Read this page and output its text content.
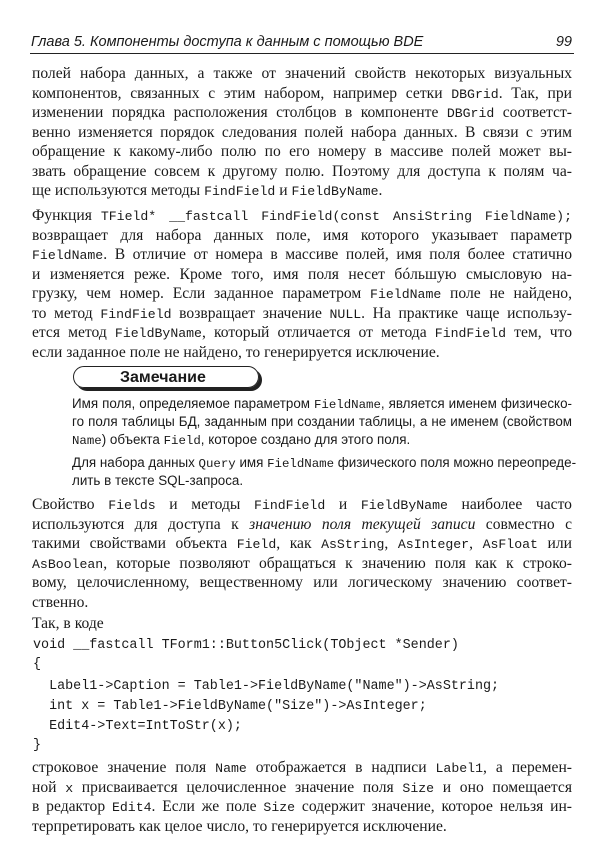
Глава 5. Компоненты доступа к данным с помощью BDE	99
полей набора данных, а также от значений свойств некоторых визуальных
компонентов, связанных с этим набором, например сетки DBGrid. Так, при
изменении порядка расположения столбцов в компоненте DBGrid соответст-
венно изменяется порядок следования полей набора данных. В связи с этим
обращение к какому-либо полю по его номеру в массиве полей может вы-
звать обращение совсем к другому полю. Поэтому для доступа к полям ча-
ще используются методы FindField и FieldByName.
Функция TField* __fastcall FindField(const AnsiString FieldName);
возвращает для набора данных поле, имя которого указывает параметр
FieldName. В отличие от номера в массиве полей, имя поля более статично
и изменяется реже. Кроме того, имя поля несет бóльшую смысловую на-
грузку, чем номер. Если заданное параметром FieldName поле не найдено,
то метод FindField возвращает значение NULL. На практике чаще использу-
ется метод FieldByName, который отличается от метода FindField тем, что
если заданное поле не найдено, то генерируется исключение.
Замечание
Имя поля, определяемое параметром FieldName, является именем физическо-
го поля таблицы БД, заданным при создании таблицы, а не именем (свойством
Name) объекта Field, которое создано для этого поля.
Для набора данных Query имя FieldName физического поля можно переопреде-
лить в тексте SQL-запроса.
Свойство Fields и методы FindField и FieldByName наиболее часто
используются для доступа к значению поля текущей записи совместно с
такими свойствами объекта Field, как AsString, AsInteger, AsFloat или
AsBoolean, которые позволяют обращаться к значению поля как к строко-
вому, целочисленному, вещественному или логическому значению соответ-
ственно.
Так, в коде

void __fastcall TForm1::Button5Click(TObject *Sender)

{

Label1->Caption = Table1->FieldByName("Name")->AsString;

int x = Table1->FieldByName("Size")->AsInteger;

Edit4->Text=IntToStr(x);

}

строковое значение поля Name отображается в надписи Label1, а перемен-
ной x присваивается целочисленное значение поля Size и оно помещается
в редактор Edit4. Если же поле Size содержит значение, которое нельзя ин-
терпретировать как целое число, то генерируется исключение.
